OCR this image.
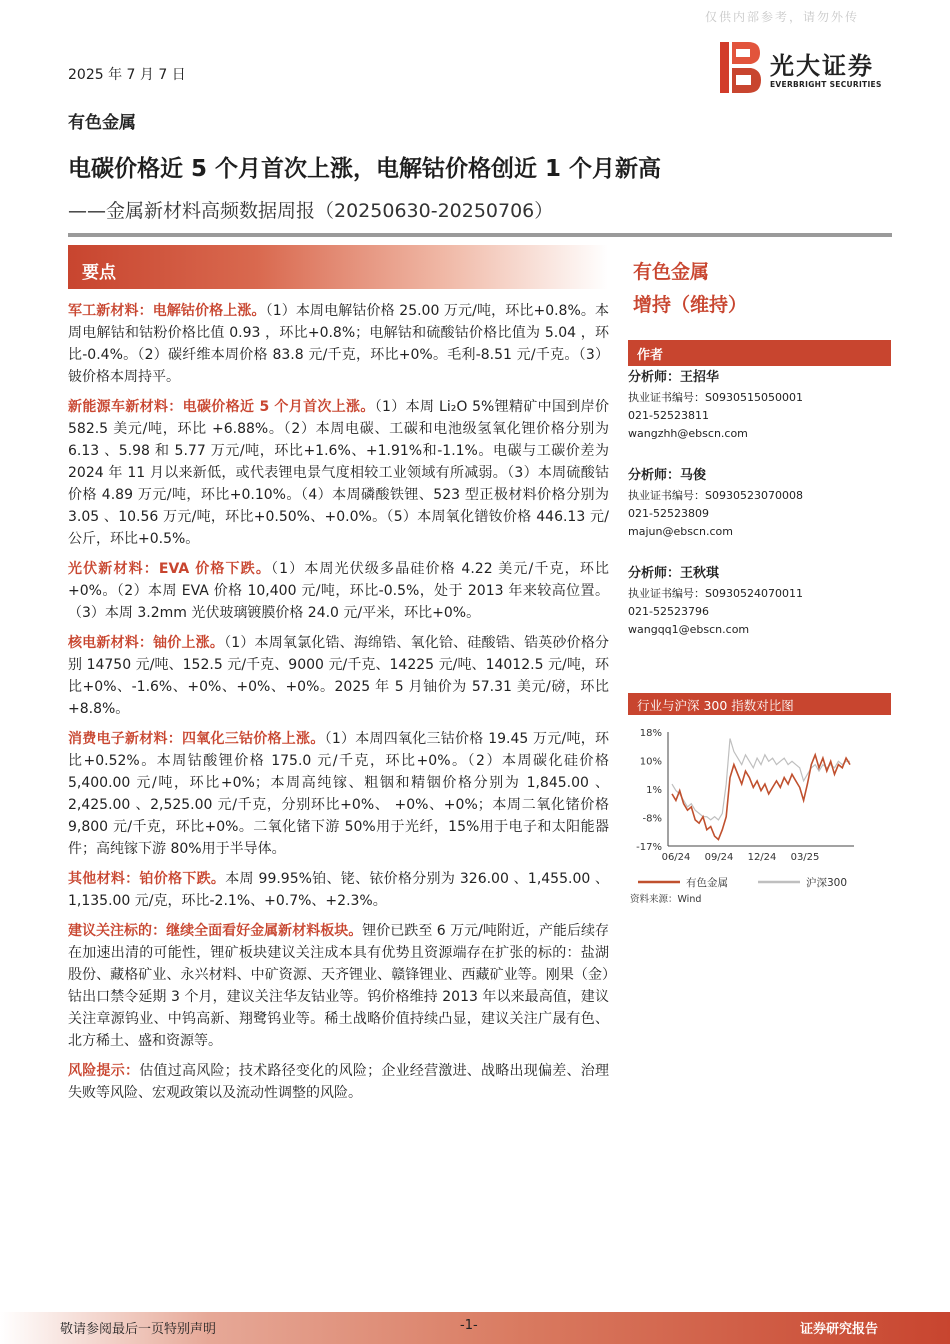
仅供内部参考，请勿外传
2025 年 7 月 7 日	光大证券
EVERBRIGHT SECURITIES
有色金属
电碳价格近 5 个月首次上涨，电解钴价格创近 1 个月新高
——金属新材料高频数据周报（20250630-20250706）
要点

军工新材料：电解钴价格上涨。（1）本周电解钴价格 25.00 万元/吨，环比+0.8%。本周电解钴和钴粉价格比值 0.93 ，环比+0.8%；电解钴和硫酸钴价格比值为 5.04 ，环比-0.4%。（2）碳纤维本周价格 83.8 元/千克，环比+0%。毛利-8.51 元/千克。（3）铍价格本周持平。

新能源车新材料：电碳价格近 5 个月首次上涨。（1）本周 Li₂O 5%锂精矿中国到岸价 582.5 美元/吨，环比 +6.88%。（2）本周电碳、工碳和电池级氢氧化锂价格分别为 6.13 、5.98 和 5.77 万元/吨，环比+1.6%、+1.91%和-1.1%。电碳与工碳价差为 2024 年 11 月以来新低，或代表锂电景气度相较工业领域有所减弱。（3）本周硫酸钴价格 4.89 万元/吨，环比+0.10%。（4）本周磷酸铁锂、523 型正极材料价格分别为 3.05 、10.56 万元/吨，环比+0.50%、+0.0%。（5）本周氧化镨钕价格 446.13 元/公斤，环比+0.5%。

光伏新材料：EVA 价格下跌。（1）本周光伏级多晶硅价格 4.22 美元/千克，环比 +0%。（2）本周 EVA 价格 10,400 元/吨，环比-0.5%，处于 2013 年来较高位置。（3）本周 3.2mm 光伏玻璃镀膜价格 24.0 元/平米，环比+0%。

核电新材料：铀价上涨。（1）本周氧氯化锆、海绵锆、氧化铪、硅酸锆、锆英砂价格分别 14750 元/吨、152.5 元/千克、9000 元/千克、14225 元/吨、14012.5 元/吨，环比+0%、-1.6%、+0%、+0%、+0%。2025 年 5 月铀价为 57.31 美元/磅，环比+8.8%。

消费电子新材料：四氧化三钴价格上涨。（1）本周四氧化三钴价格 19.45 万元/吨，环比+0.52%。本周钴酸锂价格 175.0 元/千克，环比+0%。（2）本周碳化硅价格 5,400.00 元/吨，环比+0%；本周高纯镓、粗铟和精铟价格分别为 1,845.00 、2,425.00 、2,525.00 元/千克，分别环比+0%、 +0%、+0%；本周二氧化锗价格 9,800 元/千克，环比+0%。二氧化锗下游 50%用于光纤，15%用于电子和太阳能器件；高纯镓下游 80%用于半导体。

其他材料：铂价格下跌。本周 99.95%铂、铑、铱价格分别为 326.00 、1,455.00 、1,135.00 元/克，环比-2.1%、+0.7%、+2.3%。

建议关注标的：继续全面看好金属新材料板块。锂价已跌至 6 万元/吨附近，产能后续存在加速出清的可能性，锂矿板块建议关注成本具有优势且资源端存在扩张的标的：盐湖股份、藏格矿业、永兴材料、中矿资源、天齐锂业、赣锋锂业、西藏矿业等。刚果（金）钴出口禁令延期 3 个月，建议关注华友钴业等。钨价格维持 2013 年以来最高值，建议关注章源钨业、中钨高新、翔鹭钨业等。稀土战略价值持续凸显，建议关注广晟有色、北方稀土、盛和资源等。

风险提示：估值过高风险；技术路径变化的风险；企业经营激进、战略出现偏差、治理失败等风险、宏观政策以及流动性调整的风险。

有色金属
增持（维持）
作者
分析师：王招华
执业证书编号：S0930515050001
021-52523811
wangzhh@ebscn.com
分析师：马俊
执业证书编号：S0930523070008
021-52523809
majun@ebscn.com
分析师：王秋琪
执业证书编号：S0930524070011
021-52523796
wangqq1@ebscn.com
行业与沪深 300 指数对比图
18%
10%
1%
-8%
-17%
06/24 09/24 12/24 03/25
有色金属	沪深300
资料来源：Wind
敬请参阅最后一页特别声明	-1-	证券研究报告
